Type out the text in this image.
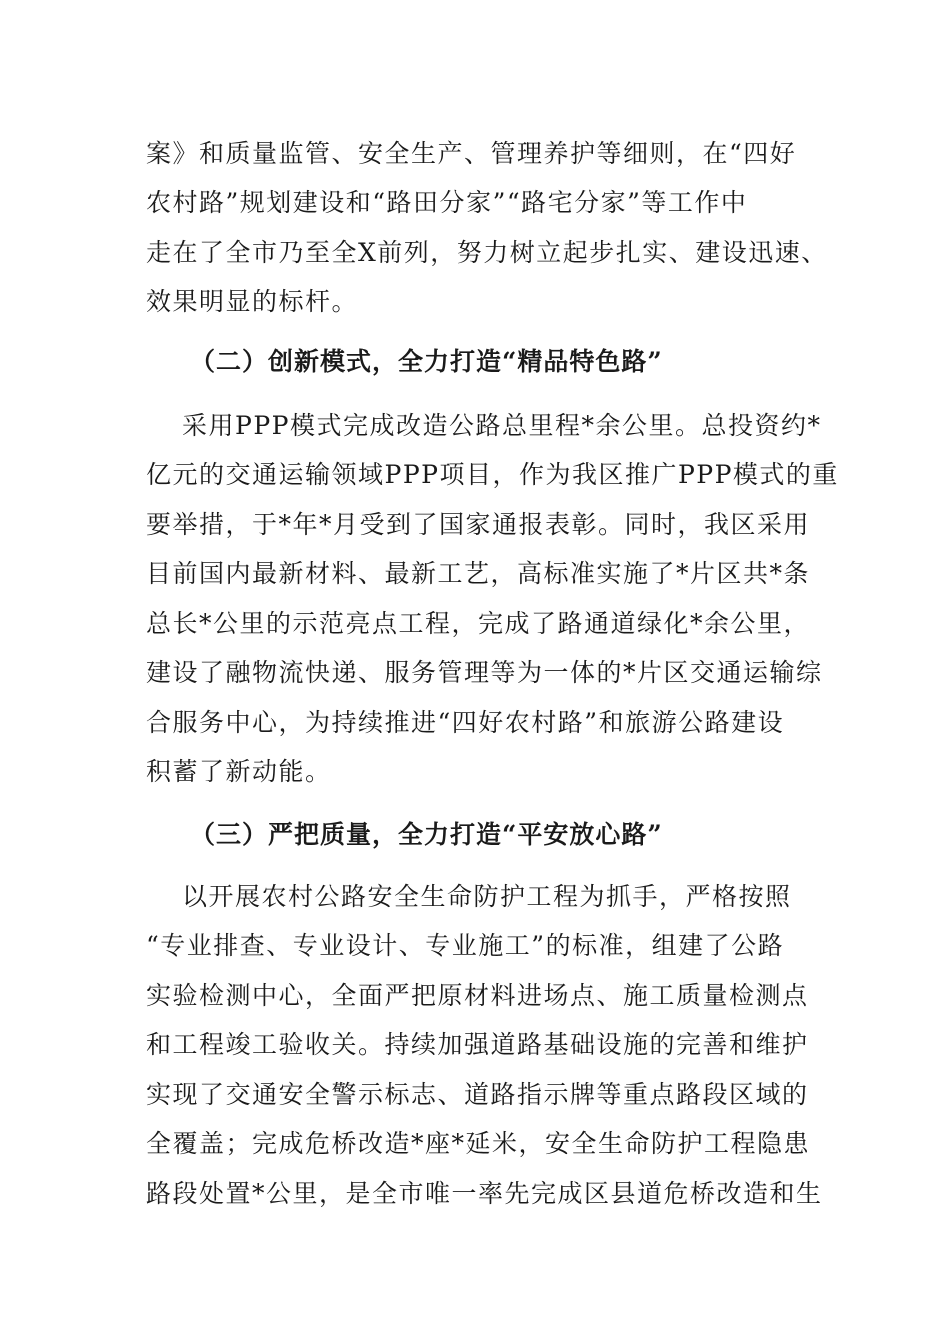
案》和质量监管、安全生产、管理养护等细则，在“四好
农村路”规划建设和“路田分家”“路宅分家”等工作中
走在了全市乃至全X前列，努力树立起步扎实、建设迅速、
效果明显的标杆。
（二）创新模式，全力打造“精品特色路”
采用PPP模式完成改造公路总里程*余公里。总投资约*
亿元的交通运输领域PPP项目，作为我区推广PPP模式的重
要举措，于*年*月受到了国家通报表彰。同时，我区采用
目前国内最新材料、最新工艺，高标准实施了*片区共*条
总长*公里的示范亮点工程，完成了路通道绿化*余公里，
建设了融物流快递、服务管理等为一体的*片区交通运输综
合服务中心，为持续推进“四好农村路”和旅游公路建设
积蓄了新动能。
（三）严把质量，全力打造“平安放心路”
以开展农村公路安全生命防护工程为抓手，严格按照
“专业排查、专业设计、专业施工”的标准，组建了公路
实验检测中心，全面严把原材料进场点、施工质量检测点
和工程竣工验收关。持续加强道路基础设施的完善和维护
实现了交通安全警示标志、道路指示牌等重点路段区域的
全覆盖；完成危桥改造*座*延米，安全生命防护工程隐患
路段处置*公里，是全市唯一率先完成区县道危桥改造和生
